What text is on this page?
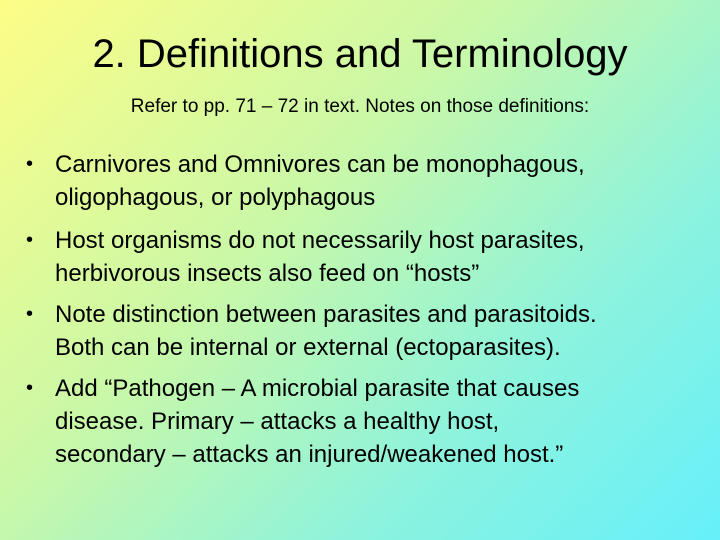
2. Definitions and Terminology
Refer to pp. 71 – 72 in text. Notes on those definitions:
• Carnivores and Omnivores can be monophagous,
oligophagous, or polyphagous
• Host organisms do not necessarily host parasites,
herbivorous insects also feed on “hosts”
• Note distinction between parasites and parasitoids.
Both can be internal or external (ectoparasites).
• Add “Pathogen – A microbial parasite that causes
disease. Primary – attacks a healthy host,
secondary – attacks an injured/weakened host.”
